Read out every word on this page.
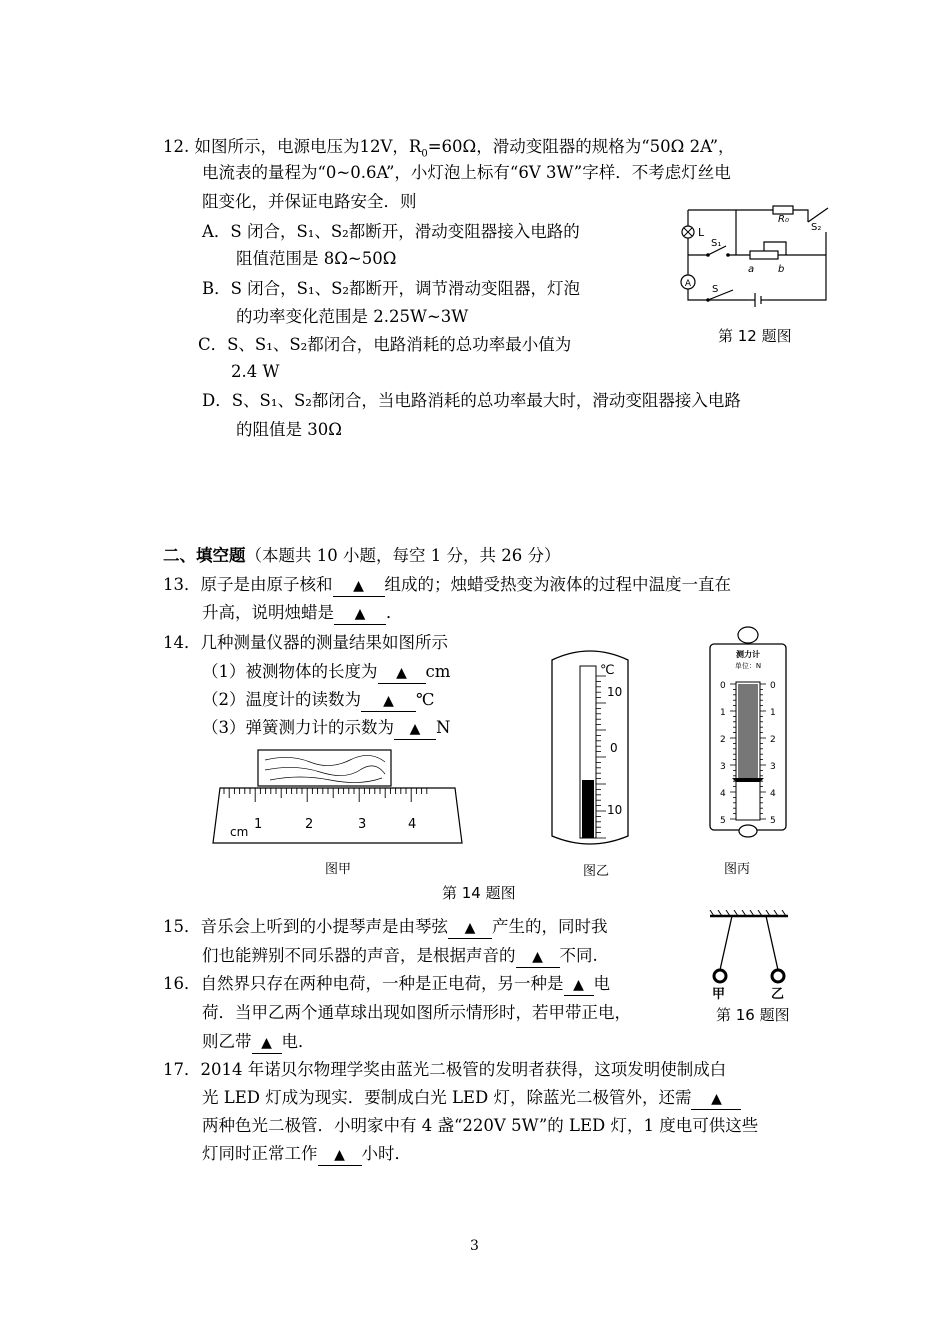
12. 如图所示，电源电压为12V，$R_0=60\Omega$，滑动变阻器的规格为“50Ω 2A”，
电流表的量程为“0~0.6A”，小灯泡上标有“6V 3W”字样．不考虑灯丝电
阻变化，并保证电路安全．则
A．S 闭合，S₁、S₂都断开，滑动变阻器接入电路的
阻值范围是 8Ω~50Ω
B．S 闭合，S₁、S₂都断开，调节滑动变阻器，灯泡
的功率变化范围是 2.25W~3W
C．S、S₁、S₂都闭合，电路消耗的总功率最小值为
2.4 W
D．S、S₁、S₂都闭合，当电路消耗的总功率最大时，滑动变阻器接入电路
的阻值是 30Ω
A
L
S₁
R₀
S₂
a b
S
第 12 题图
二、填空题（本题共 10 小题，每空 1 分，共 26 分）
13．原子是由原子核和 ▲ 组成的；烛蜡受热变为液体的过程中温度一直在
升高，说明烛蜡是 ▲ ．
14．几种测量仪器的测量结果如图所示
（1）被测物体的长度为 ▲ cm
（2）温度计的读数为 ▲ ℃
（3）弹簧测力计的示数为 ▲ N
cm 1	2	3	4
图甲
℃
10
0
10
图乙
测力计
单位：N
0	0
1	1
2	2
3	3
4	4
5	5
图丙
第 14 题图
15．音乐会上听到的小提琴声是由琴弦 ▲ 产生的，同时我
们也能辨别不同乐器的声音，是根据声音的 ▲ 不同.
16．自然界只存在两种电荷，一种是正电荷，另一种是 ▲ 电
荷．当甲乙两个通草球出现如图所示情形时，若甲带正电，
则乙带 ▲ 电．
甲	乙
第 16 题图
17．2014 年诺贝尔物理学奖由蓝光二极管的发明者获得，这项发明使制成白
光 LED 灯成为现实．要制成白光 LED 灯，除蓝光二极管外，还需 ▲
两种色光二极管．小明家中有 4 盏“220V 5W”的 LED 灯，1 度电可供这些
灯同时正常工作 ▲ 小时．
3
